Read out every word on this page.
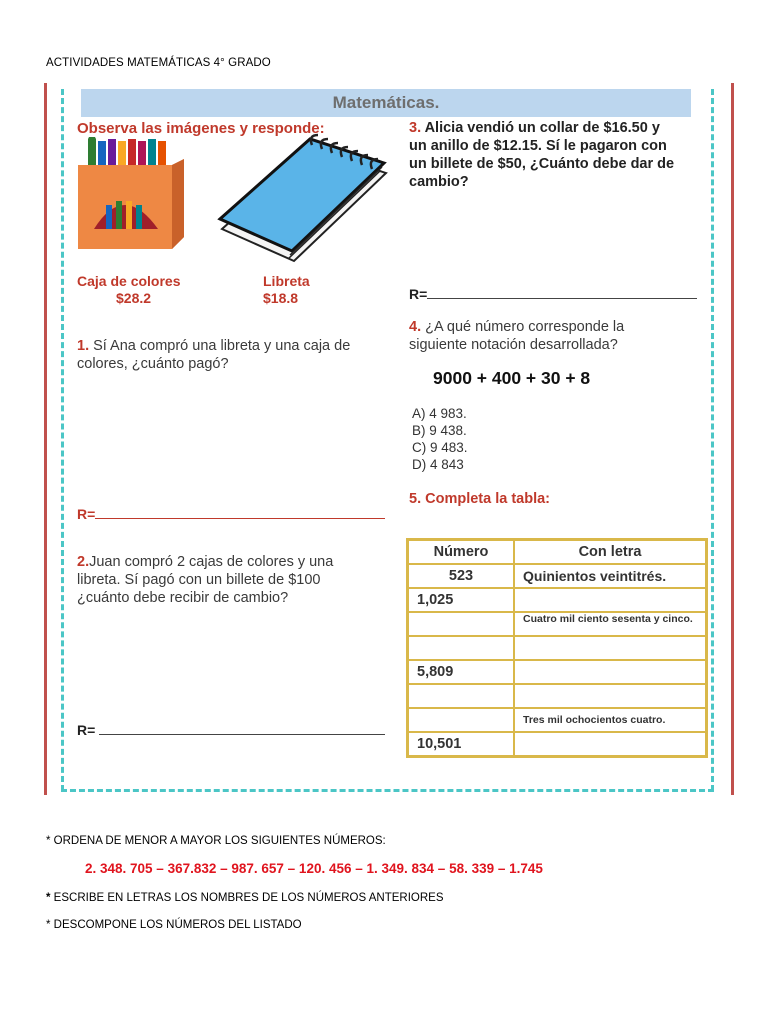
ACTIVIDADES MATEMÁTICAS 4° GRADO
Matemáticas.
Observa las imágenes y responde:
Caja de colores
$28.2
Libreta
$18.8
1. Sí Ana compró una libreta y una caja de
colores, ¿cuánto pagó?
R=
2.Juan compró 2 cajas de colores y una
libreta. Sí pagó con un billete de $100
¿cuánto debe recibir de cambio?
R=
3. Alicia vendió un collar de $16.50 y
un anillo de $12.15. Sí le pagaron con
un billete de $50, ¿Cuánto debe dar de
cambio?
R=
4. ¿A qué número corresponde la
siguiente notación desarrollada?
9000 + 400 + 30 + 8
A) 4 983.
B) 9 438.
C) 9 483.
D) 4 843
5. Completa la tabla:
Número	Con letra
523	Quinientos veintitrés.
1,025	
	Cuatro mil ciento sesenta y cinco.

5,809	

	Tres mil ochocientos cuatro.
10,501	
* ORDENA DE MENOR A MAYOR LOS SIGUIENTES NÚMEROS:
2. 348. 705 – 367.832 – 987. 657 – 120. 456 – 1. 349. 834 – 58. 339 – 1.745
* ESCRIBE EN LETRAS LOS NOMBRES DE LOS NÚMEROS ANTERIORES
* DESCOMPONE LOS NÚMEROS DEL LISTADO
